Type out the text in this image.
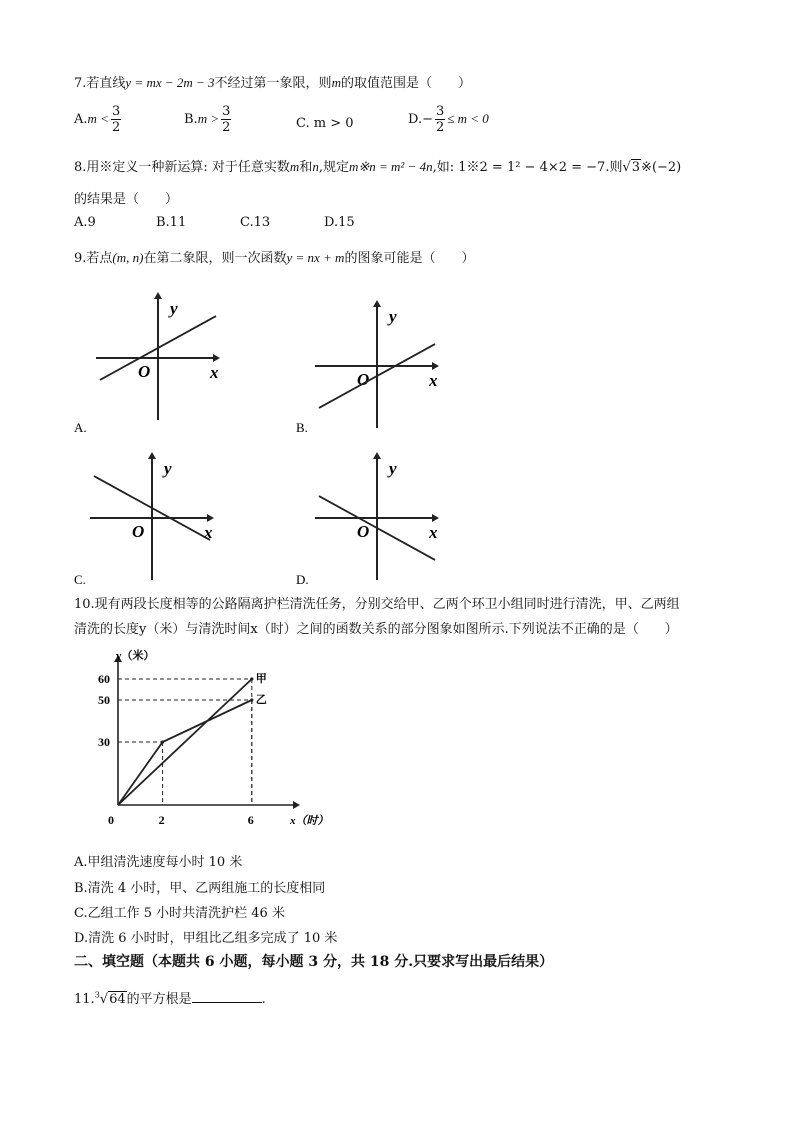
7.若直线y = mx − 2m − 3不经过第一象限，则m的取值范围是（　　）
$A.m < \frac{3}{2}$	$B.m > \frac{3}{2}$	C. m > 0	$D.- \frac{3}{2} \le m < 0$
8.用※定义一种新运算: 对于任意实数m和n,规定m※n = m² − 4n,如: 1※2 = 1² − 4×2 = −7.则√3※(−2)
的结果是（　　）
A.9	B.11	C.13	D.15
9.若点(m, n)在第二象限，则一次函数y = nx + m的图象可能是（　　）
x
y
O
A.
x
y
O
B.
x
y
O
C.
x
y
O
D.
10.现有两段长度相等的公路隔离护栏清洗任务，分别交给甲、乙两个环卫小组同时进行清洗，甲、乙两组
清洗的长度y（米）与清洗时间x（时）之间的函数关系的部分图象如图所示.下列说法不正确的是（　　）
y（米）
x（时）
0
30
50
60
2	6
甲
乙
A.甲组清洗速度每小时 10 米
B.清洗 4 小时，甲、乙两组施工的长度相同
C.乙组工作 5 小时共清洗护栏 46 米
D.清洗 6 小时时，甲组比乙组多完成了 10 米
二、填空题（本题共 6 小题，每小题 3 分，共 18 分.只要求写出最后结果）
11.$^3$√64的平方根是	.
